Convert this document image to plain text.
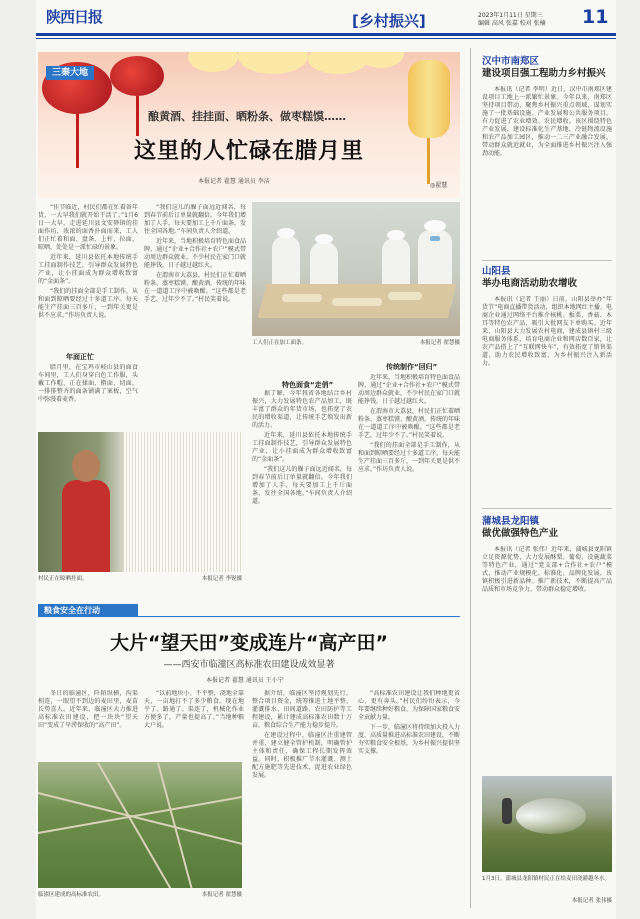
陕西日报	[乡村振兴]	2023年1月11日 星期三
编辑 高风 张嘉 校对 张楠	11
三秦大地
酿黄酒、挂挂面、晒粉条、做枣糕馍……
这里的人忙碌在腊月里
本报记者 翟慧 通讯员 李洁
◎翟慧

“佳节临近，村民们都在忙着备年货，一大早我们就开始干活了。”1月6日一大早，走进延川县文安驿镇的挂面作坊，浓浓的面香扑面而来，工人们正忙着和面、盘条、上杆、拉面、晾晒，处处是一派忙碌的景象。

近年来，延川县依托本地传统手工挂面制作技艺，引导群众发展特色产业，让小挂面成为群众增收致富的“金面条”。

“我们的挂面全部是手工制作，从和面到晾晒要经过十多道工序。每天能生产挂面三百多斤，一到年关更是供不应求。”作坊负责人说。

年面正忙

腊月里，在宝鸡市岐山县的面食车间里，工人们身穿白色工作服，头戴工作帽，正在揉面、擀面、切面，一排排整齐的面条铺满了案板，空气中弥漫着麦香。

“我们这儿的臊子面远近闻名，每到春节前后订单量就翻倍。今年我们增加了人手，每天要加工上千斤面条，发往全国各地。”车间负责人介绍道。

近年来，当地积极培育特色面食品牌，通过“企业+合作社+农户”模式带动周边群众就业，不少村民在家门口就能挣钱，日子越过越红火。

在渭南市大荔县，村民们正忙着晒粉条、蒸枣糕馍、酿黄酒，传统的年味在一道道工序中被唤醒。“这些都是老手艺，过年少不了。”村民笑着说。

工人们正在加工面条。	本报记者 翟慧摄
特色面食“走俏”

据了解，今年我省各地结合乡村振兴，大力发展特色农产品加工，既丰富了群众的年货市场，也拓宽了农民的增收渠道，让传统手艺焕发出新的活力。

近年来，延川县依托本地传统手工挂面制作技艺，引导群众发展特色产业，让小挂面成为群众增收致富的“金面条”。

“我们这儿的臊子面远近闻名，每到春节前后订单量就翻倍。今年我们增加了人手，每天要加工上千斤面条，发往全国各地。”车间负责人介绍道。

传统制作“回归”

近年来，当地积极培育特色面食品牌，通过“企业+合作社+农户”模式带动周边群众就业，不少村民在家门口就能挣钱，日子越过越红火。

在渭南市大荔县，村民们正忙着晒粉条、蒸枣糕馍、酿黄酒，传统的年味在一道道工序中被唤醒。“这些都是老手艺，过年少不了。”村民笑着说。

“我们的挂面全部是手工制作，从和面到晾晒要经过十多道工序。每天能生产挂面三百多斤，一到年关更是供不应求。”作坊负责人说。

村民正在晾晒挂面。	本报记者 李锐摄
粮食安全在行动
大片“望天田”变成连片“高产田”
——西安市临潼区高标准农田建设成效显著
本报记者 翟慧 通讯员 王小宁

冬日的临潼区，阡陌纵横，沟渠相连，一眼望不到边的麦田里，麦苗长势喜人。近年来，临潼区大力推进高标准农田建设，把一块块“望天田”变成了旱涝保收的“高产田”。

“以前地块小、不平整，浇地全靠天，一亩地打不了多少粮食。现在地平了、路通了、渠连了，机械化作业方便多了，产量也提高了。”当地种粮大户说。

据介绍，临潼区坚持规划先行，整合项目资金，统筹推进土地平整、灌溉排水、田间道路、农田防护等工程建设，累计建成高标准农田数十万亩，粮食综合生产能力稳步提升。

在建设过程中，临潼区注重建管并重，建立健全管护机制，明确管护主体和责任，确保工程长期发挥效益。同时，积极推广节水灌溉、测土配方施肥等先进技术，促进农业绿色发展。

“高标准农田建设让我们种地更省心、更有奔头。”村民们纷纷表示，今年要继续种好粮食，为保障国家粮食安全贡献力量。

下一步，临潼区将持续加大投入力度，高质量推进高标准农田建设，不断夯实粮食安全根基，为乡村振兴提供坚实支撑。

临潼区建成的高标准农田。	本报记者 翟慧摄
汉中市南郑区
建设项目强工程助力乡村振兴

本报讯（记者 李明）近日，汉中市南郑区建设项目工地上一派繁忙景象。今年以来，南郑区坚持项目带动，聚焦乡村振兴重点领域，谋划实施了一批基础设施、产业发展和公共服务项目，有力促进了农业增效、农民增收。该区围绕特色产业发展，建设标准化生产基地、冷链物流设施和农产品加工园区，推动一二三产业融合发展，带动群众就近就业，为全面推进乡村振兴注入强劲动能。

山阳县
举办电商活动助农增收

本报讯（记者 王丽）日前，山阳县举办“年货节”电商直播带货活动，组织本地网红主播、电商企业通过网络平台推介核桃、板栗、香菇、木耳等特色农产品，吸引大批网友下单购买。近年来，山阳县大力发展农村电商，建成县镇村三级电商服务体系，培育电商企业和网店数百家，让农产品搭上了“互联网快车”，有效拓宽了销售渠道，助力农民增收致富，为乡村振兴注入新活力。

蒲城县龙阳镇
做优做强特色产业

本报讯（记者 张伟）近年来，蒲城县龙阳镇立足资源优势，大力发展酥梨、葡萄、设施蔬菜等特色产业，通过“党支部+合作社+农户”模式，推动产业规模化、标准化、品牌化发展。该镇积极引进新品种、推广新技术，不断提高产品品质和市场竞争力，带动群众稳定增收。

1月3日，蒲城县龙阳镇村民正在给麦田浇灌越冬水。
本报记者 张伟摄
